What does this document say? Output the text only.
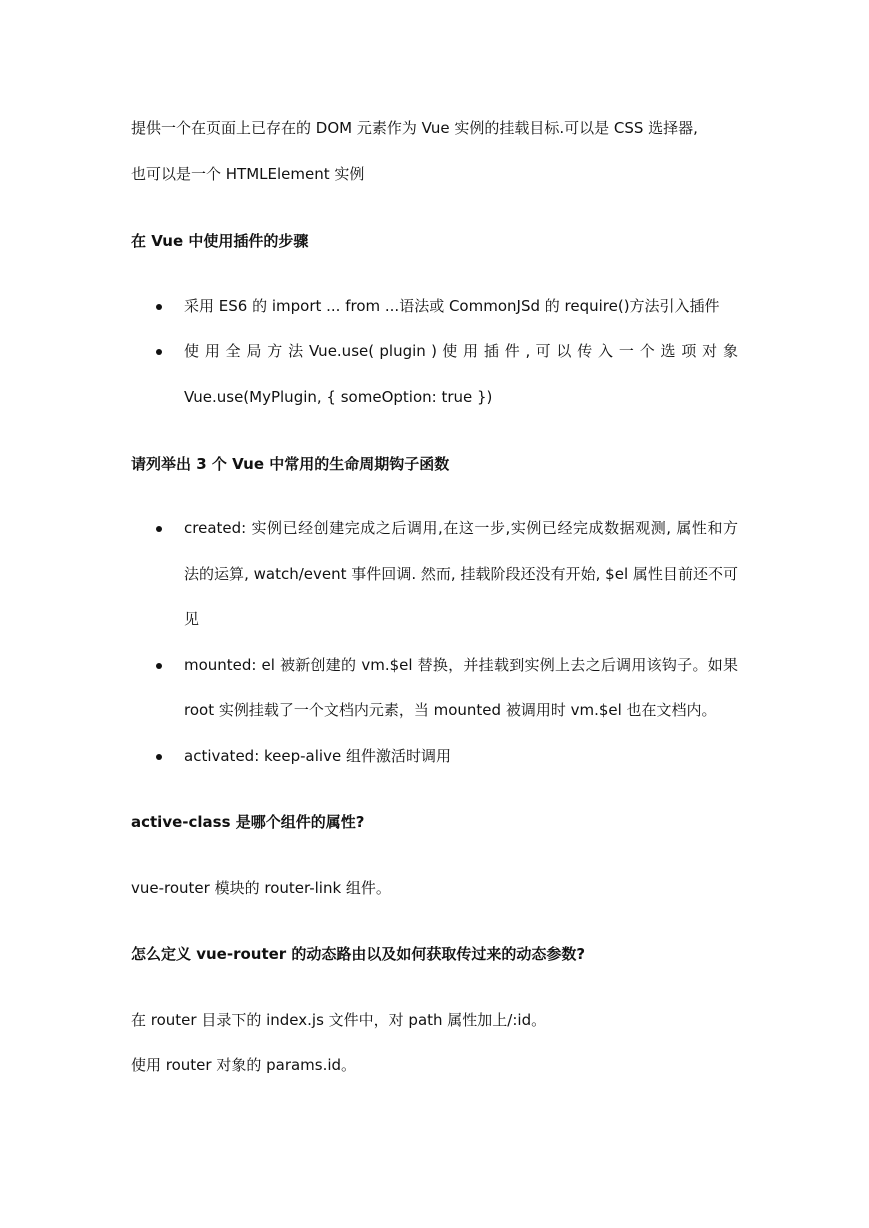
提供一个在页面上已存在的 DOM 元素作为 Vue 实例的挂载目标.可以是 CSS 选择器,

也可以是一个 HTMLElement 实例

在 Vue 中使用插件的步骤

采用 ES6 的 import ... from ...语法或 CommonJSd 的 require()方法引入插件

使 用 全 局 方 法 Vue.use( plugin ) 使 用 插 件 , 可 以 传 入 一 个 选 项 对 象

Vue.use(MyPlugin, { someOption: true })

请列举出 3 个 Vue 中常用的生命周期钩子函数

created: 实例已经创建完成之后调用,在这一步,实例已经完成数据观测, 属性和方

法的运算, watch/event 事件回调. 然而, 挂载阶段还没有开始, $el 属性目前还不可

见

mounted: el 被新创建的 vm.$el 替换，并挂载到实例上去之后调用该钩子。如果

root 实例挂载了一个文档内元素，当 mounted 被调用时 vm.$el 也在文档内。

activated: keep-alive 组件激活时调用

active-class 是哪个组件的属性?

vue-router 模块的 router-link 组件。

怎么定义 vue-router 的动态路由以及如何获取传过来的动态参数?

在 router 目录下的 index.js 文件中，对 path 属性加上/:id。

使用 router 对象的 params.id。
